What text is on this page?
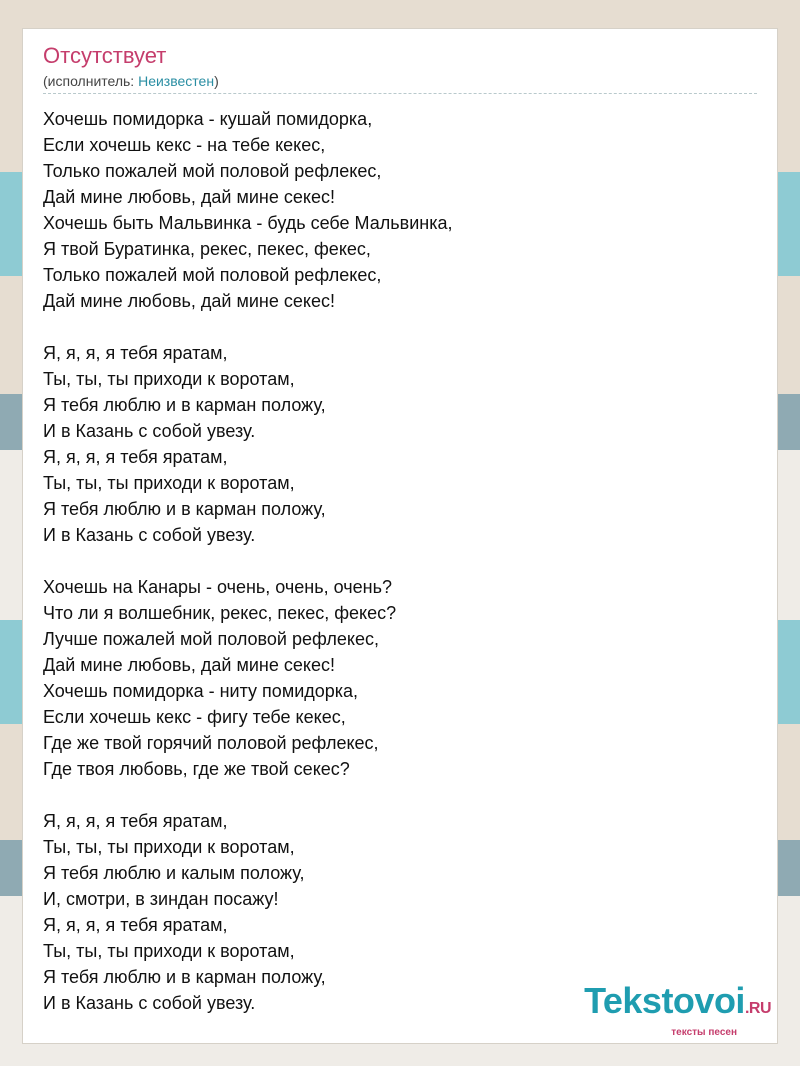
Отсутствует
(исполнитель: Неизвестен)
Хочешь помидорка - кушай помидорка,
Если хочешь кекс - на тебе кекес,
Только пожалей мой половой рефлекес,
Дай мине любовь, дай мине секес!
Хочешь быть Мальвинка - будь себе Мальвинка,
Я твой Буратинка, рекес, пекес, фекес,
Только пожалей мой половой рефлекес,
Дай мине любовь, дай мине секес!
Я, я, я, я тебя яратам,
Ты, ты, ты приходи к воротам,
Я тебя люблю и в карман положу,
И в Казань с собой увезу.
Я, я, я, я тебя яратам,
Ты, ты, ты приходи к воротам,
Я тебя люблю и в карман положу,
И в Казань с собой увезу.
Хочешь на Канары - очень, очень, очень?
Что ли я волшебник, рекес, пекес, фекес?
Лучше пожалей мой половой рефлекес,
Дай мине любовь, дай мине секес!
Хочешь помидорка - ниту помидорка,
Если хочешь кекс - фигу тебе кекес,
Где же твой горячий половой рефлекес,
Где твоя любовь, где же твой секес?
Я, я, я, я тебя яратам,
Ты, ты, ты приходи к воротам,
Я тебя люблю и калым положу,
И, смотри, в зиндан посажу!
Я, я, я, я тебя яратам,
Ты, ты, ты приходи к воротам,
Я тебя люблю и в карман положу,
И в Казань с собой увезу.	Tekstovoi.RU
тексты песен
